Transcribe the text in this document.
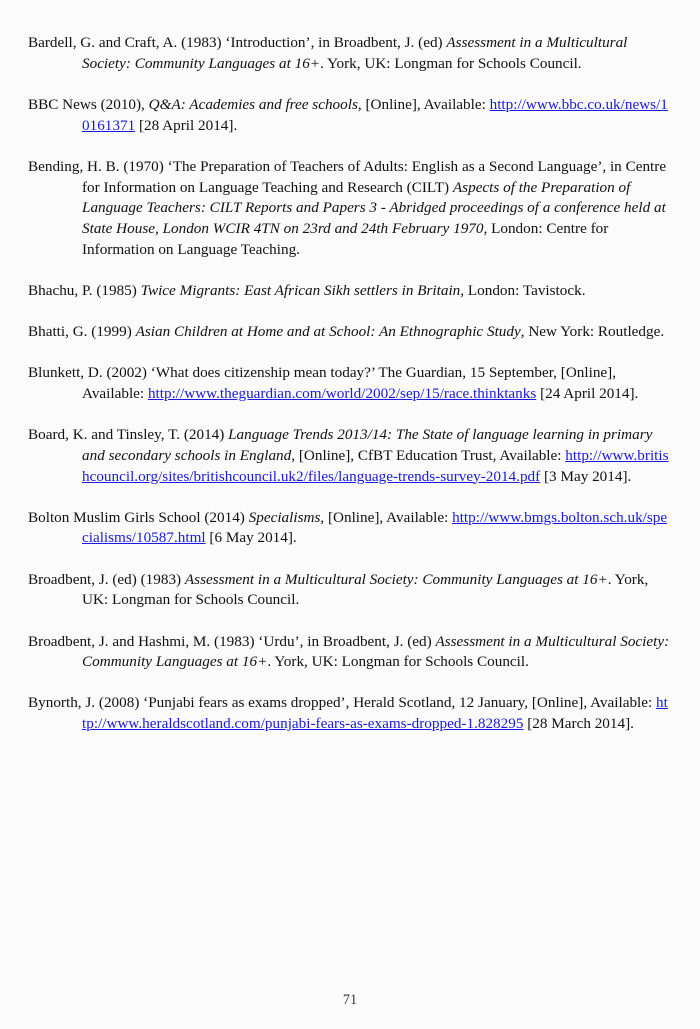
Bardell, G. and Craft, A. (1983) ‘Introduction’, in Broadbent, J. (ed) Assessment in a Multicultural Society: Community Languages at 16+. York, UK: Longman for Schools Council.

BBC News (2010), Q&A: Academies and free schools, [Online], Available: http://www.bbc.co.uk/news/10161371 [28 April 2014].

Bending, H. B. (1970) ‘The Preparation of Teachers of Adults: English as a Second Language’, in Centre for Information on Language Teaching and Research (CILT) Aspects of the Preparation of Language Teachers: CILT Reports and Papers 3 - Abridged proceedings of a conference held at State House, London WCIR 4TN on 23rd and 24th February 1970, London: Centre for Information on Language Teaching.

Bhachu, P. (1985) Twice Migrants: East African Sikh settlers in Britain, London: Tavistock.

Bhatti, G. (1999) Asian Children at Home and at School: An Ethnographic Study, New York: Routledge.

Blunkett, D. (2002) ‘What does citizenship mean today?’ The Guardian, 15 September, [Online], Available: http://www.theguardian.com/world/2002/sep/15/race.thinktanks [24 April 2014].

Board, K. and Tinsley, T. (2014) Language Trends 2013/14: The State of language learning in primary and secondary schools in England, [Online], CfBT Education Trust, Available: http://www.britishcouncil.org/sites/britishcouncil.uk2/files/language-trends-survey-2014.pdf [3 May 2014].

Bolton Muslim Girls School (2014) Specialisms, [Online], Available: http://www.bmgs.bolton.sch.uk/specialisms/10587.html [6 May 2014].

Broadbent, J. (ed) (1983) Assessment in a Multicultural Society: Community Languages at 16+. York, UK: Longman for Schools Council.

Broadbent, J. and Hashmi, M. (1983) ‘Urdu’, in Broadbent, J. (ed) Assessment in a Multicultural Society: Community Languages at 16+. York, UK: Longman for Schools Council.

Bynorth, J. (2008) ‘Punjabi fears as exams dropped’, Herald Scotland, 12 January, [Online], Available: http://www.heraldscotland.com/punjabi-fears-as-exams-dropped-1.828295 [28 March 2014].

71
